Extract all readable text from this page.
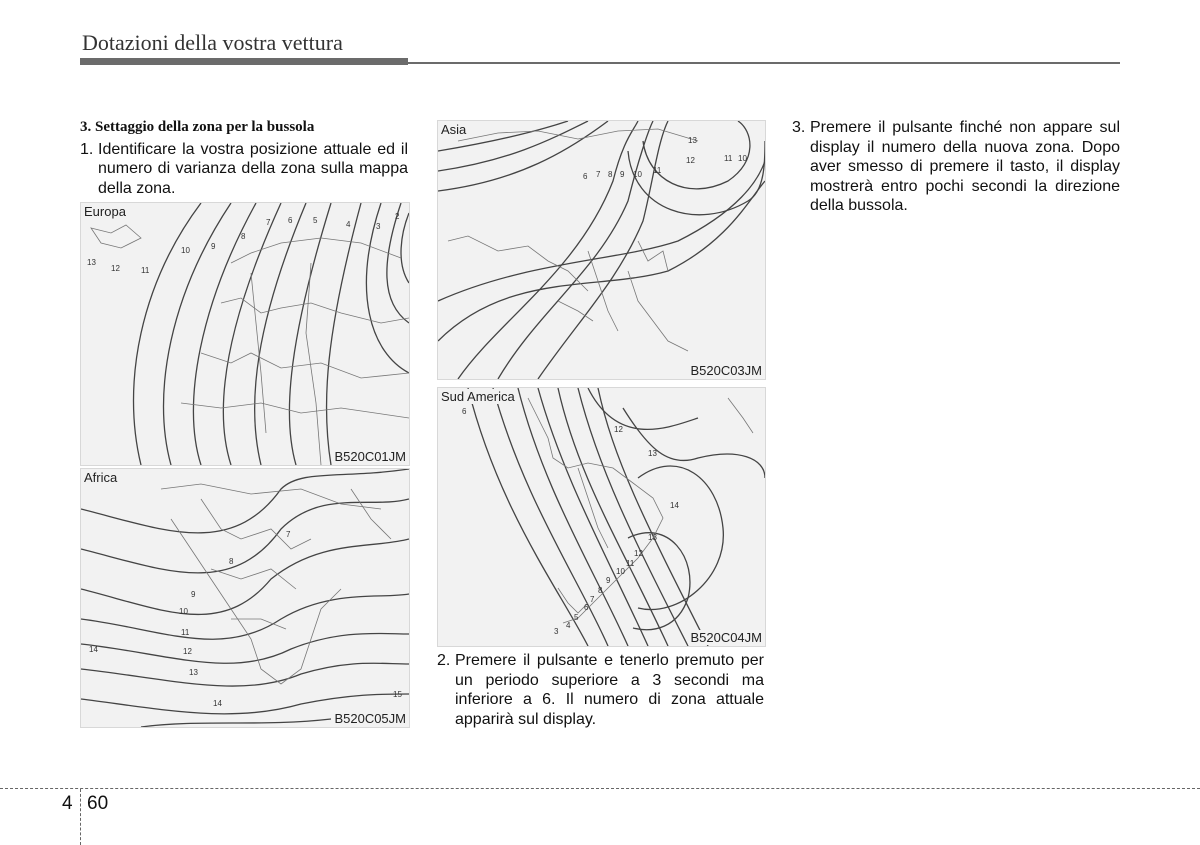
Dotazioni della vostra vettura
3. Settaggio della zona per la bussola
1. Identificare la vostra posizione attuale ed il numero di varianza della zona sulla mappa della zona.
13
12	11
10	9
8
7 6	5	4	3
2
Europa
B520C01JM
7
8
9
10
11
12
13
14
14
15
Africa
B520C05JM
6 7 8 9 10 11
12
13
11 10
Asia
B520C03JM
6
12
13
14
13
12
11
10
9
8
7
6
5
4
3
Sud America
B520C04JM
2. Premere il pulsante e tenerlo premuto per un periodo superiore a 3 secondi ma inferiore a 6. Il numero di zona attuale apparirà sul display.
3. Premere il pulsante finché non appare sul display il numero della nuova zona. Dopo aver smesso di premere il tasto, il display mostrerà entro pochi secondi la direzione della bussola.
4 60
